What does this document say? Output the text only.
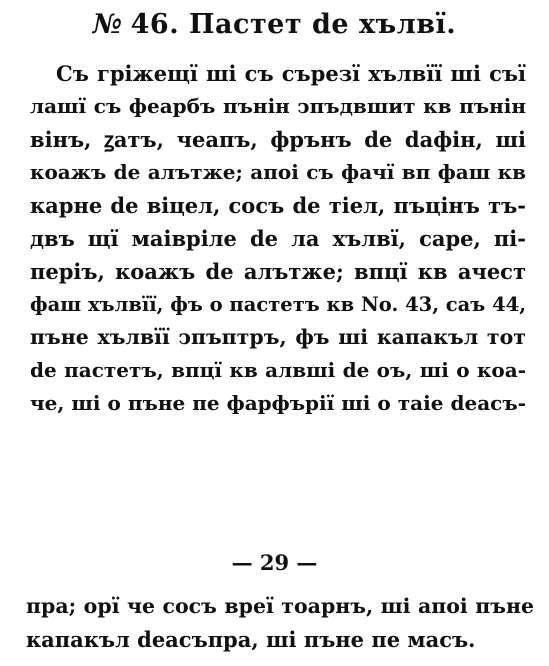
№ 46. Пастет de хълвї.
Съ гріжещї шi съ сърезї хълвїї шi съї
лашї съ феарбъ пънін ↄпъдвшит кв пънін
вінъ, ꙁатъ, чеапъ, фрънъ de dафін, шi
коажъ de алътже; апоі съ фачї вп фаш кв
карне de віцел, сосъ de тіел, пъцінъ тъ-
двъ щї маіврілe de ла хълвї, саре, пі-
періъ, коажъ de алътже; впцї кв ачест
фаш хълвїї, фъ о пастетъ кв No. 43, саъ 44,
пъне хълвїї ↄпъптръ, фъ шi капакъл тот
de пастетъ, впцї кв алвші de оъ, шi о коа-
че, шi о пъне пe фарфърії шi о таіе deасъ-
— 29 —
пра; орї че сосъ врeї тоарнъ, ші апоі пъне
капакъл deасъпра, шi пъне пe масъ.
